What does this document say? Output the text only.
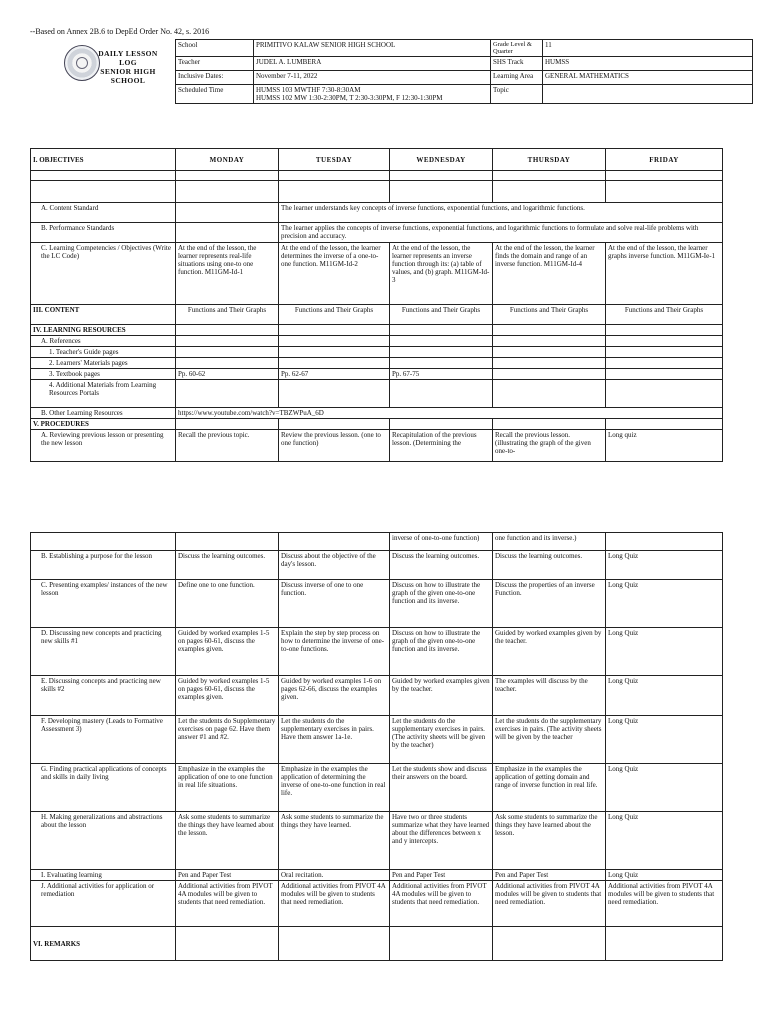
--Based on Annex 2B.6 to DepEd Order No. 42, s. 2016
DAILY LESSON
LOG
SENIOR HIGH SCHOOL
School	PRIMITIVO KALAW SENIOR HIGH SCHOOL	Grade Level & Quarter	11
Teacher	JUDEL A. LUMBERA	SHS Track	HUMSS
Inclusive Dates:	November 7-11, 2022	Learning Area	GENERAL MATHEMATICS
Scheduled Time	HUMSS 103 MWTHF 7:30-8:30AM
HUMSS 102 MW 1:30-2:30PM, T 2:30-3:30PM, F 12:30-1:30PM	Topic	
I. OBJECTIVES	MONDAY	TUESDAY	WEDNESDAY	THURSDAY	FRIDAY

A. Content Standard		The learner understands key concepts of inverse functions, exponential functions, and logarithmic functions.			
B. Performance Standards		The learner applies the concepts of inverse functions, exponential functions, and logarithmic functions to formulate and solve real-life problems with precision and accuracy.			
C. Learning Competencies / Objectives (Write the LC Code)	At the end of the lesson, the learner represents real-life situations using one-to one function. M11GM-Id-1	At the end of the lesson, the learner determines the inverse of a one-to-one function. M11GM-Id-2	At the end of the lesson, the learner represents an inverse function through its: (a) table of values, and (b) graph. M11GM-Id-3	At the end of the lesson, the learner finds the domain and range of an inverse function. M11GM-Id-4	At the end of the lesson, the learner graphs inverse function. M11GM-Ie-1
III. CONTENT	Functions and Their Graphs	Functions and Their Graphs	Functions and Their Graphs	Functions and Their Graphs	Functions and Their Graphs
IV. LEARNING RESOURCES					
A. References					
1. Teacher's Guide pages					
2. Learners' Materials pages					
3. Textbook pages	Pp. 60-62	Pp. 62-67	Pp. 67-75		
4. Additional Materials from Learning Resources Portals					
B. Other Learning Resources	https://www.youtube.com/watch?v=TBZWPuA_6D				
V. PROCEDURES					
A. Reviewing previous lesson or presenting the new lesson	Recall the previous topic.	Review the previous lesson. (one to one function)	Recapitulation of the previous lesson. (Determining the	Recall the previous lesson. (illustrating the graph of the given one-to-	Long quiz
			inverse of one-to-one function)	one function and its inverse.)	
B. Establishing a purpose for the lesson	Discuss the learning outcomes.	Discuss about the objective of the day's lesson.	Discuss the learning outcomes.	Discuss the learning outcomes.	Long Quiz
C. Presenting examples/ instances of the new lesson	Define one to one function.	Discuss inverse of one to one function.	Discuss on how to illustrate the graph of the given one-to-one function and its inverse.	Discuss the properties of an inverse Function.	Long Quiz
D. Discussing new concepts and practicing new skills #1	Guided by worked examples 1-5 on pages 60-61, discuss the examples given.	Explain the step by step process on how to determine the inverse of one-to-one functions.	Discuss on how to illustrate the graph of the given one-to-one function and its inverse.	Guided by worked examples given by the teacher.	Long Quiz
E. Discussing concepts and practicing new skills #2	Guided by worked examples 1-5 on pages 60-61, discuss the examples given.	Guided by worked examples 1-6 on pages 62-66, discuss the examples given.	Guided by worked examples given by the teacher.	The examples will discuss by the teacher.	Long Quiz
F. Developing mastery (Leads to Formative Assessment 3)	Let the students do Supplementary exercises on page 62. Have them answer #1 and #2.	Let the students do the supplementary exercises in pairs. Have them answer 1a-1e.	Let the students do the supplementary exercises in pairs. (The activity sheets will be given by the teacher)	Let the students do the supplementary exercises in pairs. (The activity sheets will be given by the teacher	Long Quiz
G. Finding practical applications of concepts and skills in daily living	Emphasize in the examples the application of one to one function in real life situations.	Emphasize in the examples the application of determining the inverse of one-to-one function in real life.	Let the students show and discuss their answers on the board.	Emphasize in the examples the application of getting domain and range of inverse function in real life.	Long Quiz
H. Making generalizations and abstractions about the lesson	Ask some students to summarize the things they have learned about the lesson.	Ask some students to summarize the things they have learned.	Have two or three students summarize what they have learned about the differences between x and y intercepts.	Ask some students to summarize the things they have learned about the lesson.	Long Quiz
I. Evaluating learning	Pen and Paper Test	Oral recitation.	Pen and Paper Test	Pen and Paper Test	Long Quiz
J. Additional activities for application or remediation	Additional activities from PIVOT 4A modules will be given to students that need remediation.	Additional activities from PIVOT 4A modules will be given to students that need remediation.	Additional activities from PIVOT 4A modules will be given to students that need remediation.	Additional activities from PIVOT 4A modules will be given to students that need remediation.	Additional activities from PIVOT 4A modules will be given to students that need remediation.
VI. REMARKS					
